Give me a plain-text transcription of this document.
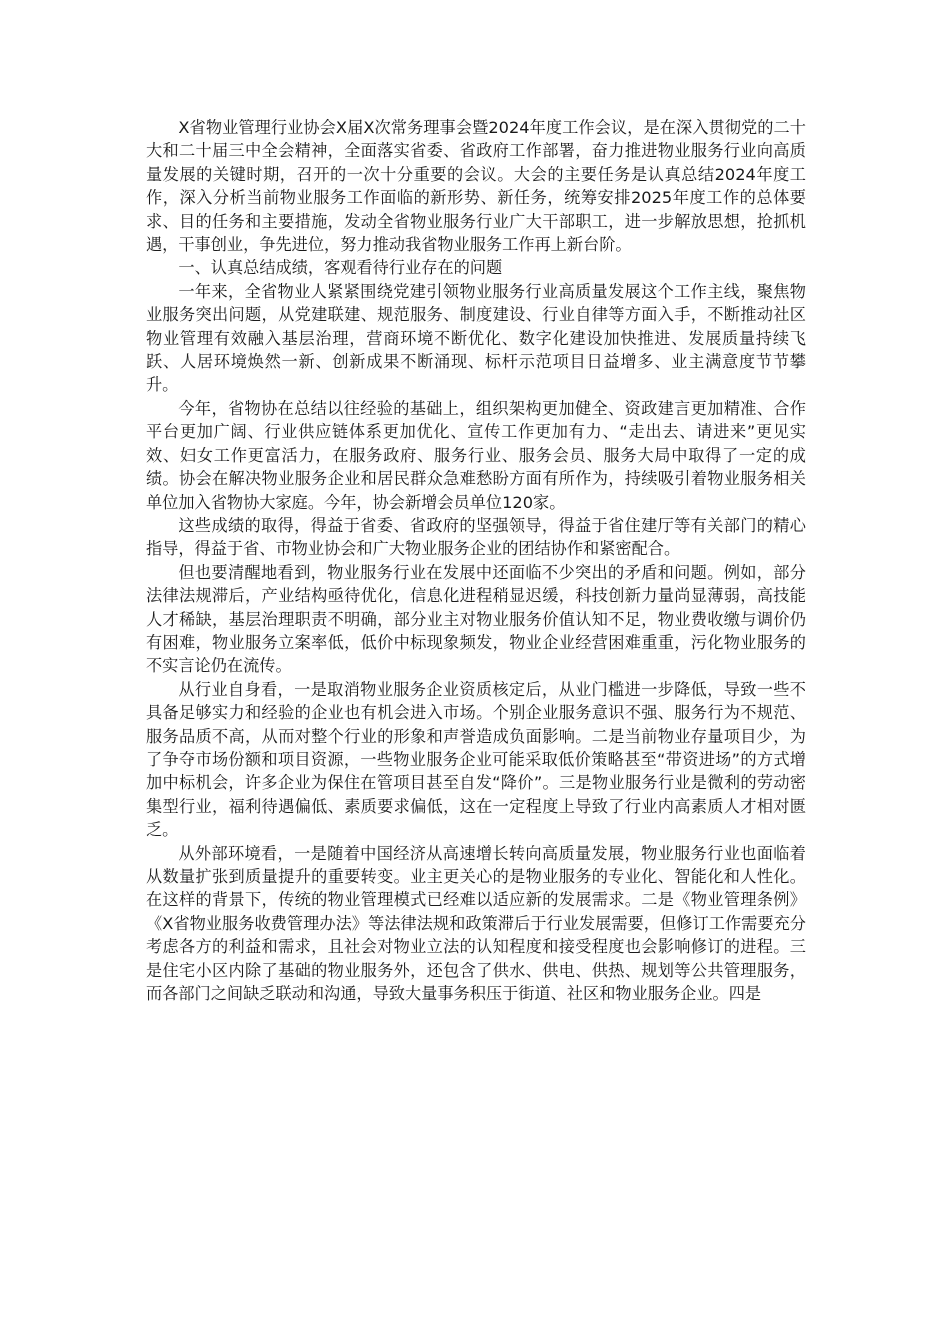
X省物业管理行业协会X届X次常务理事会暨2024年度工作会议，是在深入贯彻党的二十大和二十届三中全会精神，全面落实省委、省政府工作部署，奋力推进物业服务行业向高质量发展的关键时期，召开的一次十分重要的会议。大会的主要任务是认真总结2024年度工作，深入分析当前物业服务工作面临的新形势、新任务，统筹安排2025年度工作的总体要求、目的任务和主要措施，发动全省物业服务行业广大干部职工，进一步解放思想，抢抓机遇，干事创业，争先进位，努力推动我省物业服务工作再上新台阶。

一、认真总结成绩，客观看待行业存在的问题

一年来，全省物业人紧紧围绕党建引领物业服务行业高质量发展这个工作主线，聚焦物业服务突出问题，从党建联建、规范服务、制度建设、行业自律等方面入手，不断推动社区物业管理有效融入基层治理，营商环境不断优化、数字化建设加快推进、发展质量持续飞跃、人居环境焕然一新、创新成果不断涌现、标杆示范项目日益增多、业主满意度节节攀升。

今年，省物协在总结以往经验的基础上，组织架构更加健全、资政建言更加精准、合作平台更加广阔、行业供应链体系更加优化、宣传工作更加有力、“走出去、请进来”更见实效、妇女工作更富活力，在服务政府、服务行业、服务会员、服务大局中取得了一定的成绩。协会在解决物业服务企业和居民群众急难愁盼方面有所作为，持续吸引着物业服务相关单位加入省物协大家庭。今年，协会新增会员单位120家。

这些成绩的取得，得益于省委、省政府的坚强领导，得益于省住建厅等有关部门的精心指导，得益于省、市物业协会和广大物业服务企业的团结协作和紧密配合。

但也要清醒地看到，物业服务行业在发展中还面临不少突出的矛盾和问题。例如，部分法律法规滞后，产业结构亟待优化，信息化进程稍显迟缓，科技创新力量尚显薄弱，高技能人才稀缺，基层治理职责不明确，部分业主对物业服务价值认知不足，物业费收缴与调价仍有困难，物业服务立案率低，低价中标现象频发，物业企业经营困难重重，污化物业服务的不实言论仍在流传。

从行业自身看，一是取消物业服务企业资质核定后，从业门槛进一步降低，导致一些不具备足够实力和经验的企业也有机会进入市场。个别企业服务意识不强、服务行为不规范、服务品质不高，从而对整个行业的形象和声誉造成负面影响。二是当前物业存量项目少，为了争夺市场份额和项目资源，一些物业服务企业可能采取低价策略甚至“带资进场”的方式增加中标机会，许多企业为保住在管项目甚至自发“降价”。三是物业服务行业是微利的劳动密集型行业，福利待遇偏低、素质要求偏低，这在一定程度上导致了行业内高素质人才相对匮乏。

从外部环境看，一是随着中国经济从高速增长转向高质量发展，物业服务行业也面临着从数量扩张到质量提升的重要转变。业主更关心的是物业服务的专业化、智能化和人性化。在这样的背景下，传统的物业管理模式已经难以适应新的发展需求。二是《物业管理条例》《X省物业服务收费管理办法》等法律法规和政策滞后于行业发展需要，但修订工作需要充分考虑各方的利益和需求，且社会对物业立法的认知程度和接受程度也会影响修订的进程。三是住宅小区内除了基础的物业服务外，还包含了供水、供电、供热、规划等公共管理服务，而各部门之间缺乏联动和沟通，导致大量事务积压于街道、社区和物业服务企业。四是
